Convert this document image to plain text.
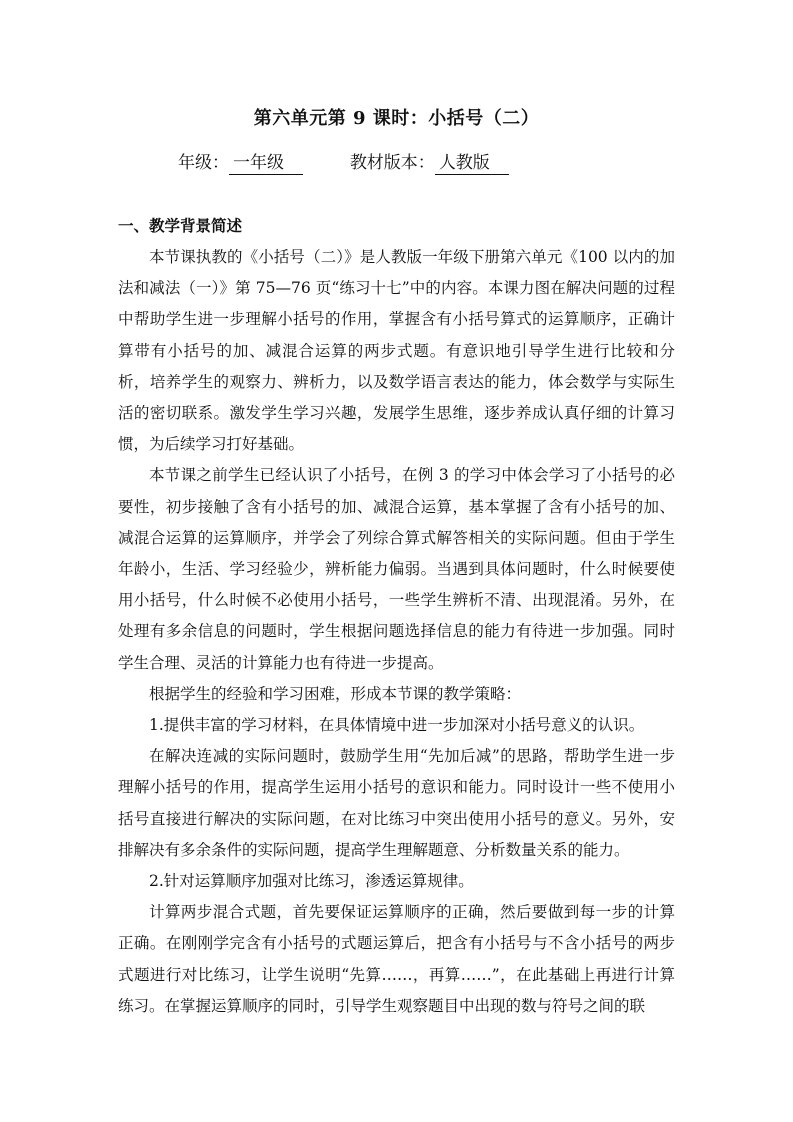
第六单元第 9 课时：小括号（二）
年级： 一年级	教材版本： 人教版
一、教学背景简述

本节课执教的《小括号（二）》是人教版一年级下册第六单元《100 以内的加法和减法（一）》第 75—76 页“练习十七”中的内容。本课力图在解决问题的过程中帮助学生进一步理解小括号的作用，掌握含有小括号算式的运算顺序，正确计算带有小括号的加、减混合运算的两步式题。有意识地引导学生进行比较和分析，培养学生的观察力、辨析力，以及数学语言表达的能力，体会数学与实际生活的密切联系。激发学生学习兴趣，发展学生思维，逐步养成认真仔细的计算习惯，为后续学习打好基础。

本节课之前学生已经认识了小括号，在例 3 的学习中体会学习了小括号的必要性，初步接触了含有小括号的加、减混合运算，基本掌握了含有小括号的加、减混合运算的运算顺序，并学会了列综合算式解答相关的实际问题。但由于学生年龄小，生活、学习经验少，辨析能力偏弱。当遇到具体问题时，什么时候要使用小括号，什么时候不必使用小括号，一些学生辨析不清、出现混淆。另外，在处理有多余信息的问题时，学生根据问题选择信息的能力有待进一步加强。同时学生合理、灵活的计算能力也有待进一步提高。

根据学生的经验和学习困难，形成本节课的教学策略：

1.提供丰富的学习材料，在具体情境中进一步加深对小括号意义的认识。

在解决连减的实际问题时，鼓励学生用“先加后减”的思路，帮助学生进一步理解小括号的作用，提高学生运用小括号的意识和能力。同时设计一些不使用小括号直接进行解决的实际问题，在对比练习中突出使用小括号的意义。另外，安排解决有多余条件的实际问题，提高学生理解题意、分析数量关系的能力。

2.针对运算顺序加强对比练习，渗透运算规律。

计算两步混合式题，首先要保证运算顺序的正确，然后要做到每一步的计算正确。在刚刚学完含有小括号的式题运算后，把含有小括号与不含小括号的两步式题进行对比练习，让学生说明“先算……，再算……”，在此基础上再进行计算练习。在掌握运算顺序的同时，引导学生观察题目中出现的数与符号之间的联
